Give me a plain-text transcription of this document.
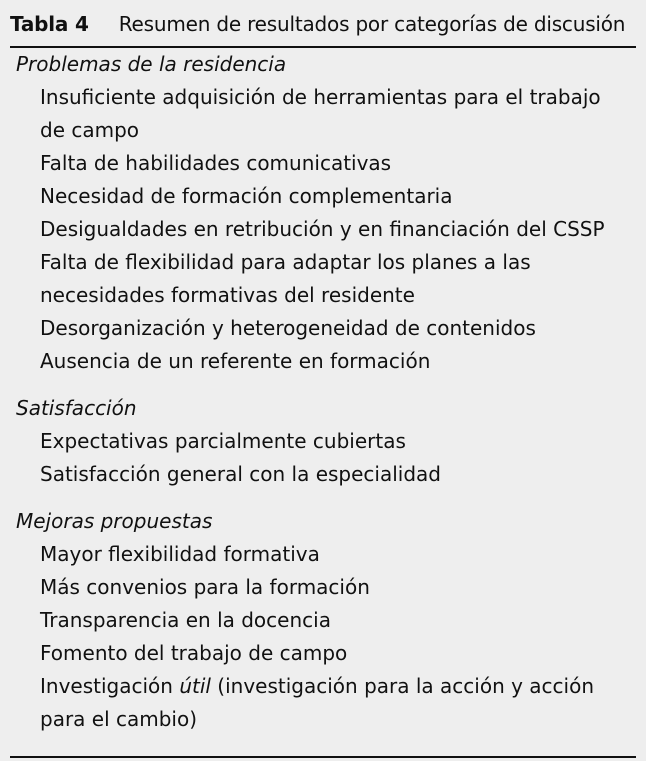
Tabla 4 Resumen de resultados por categorías de discusión

Problemas de la residencia

Insuficiente adquisición de herramientas para el trabajo

de campo

Falta de habilidades comunicativas

Necesidad de formación complementaria

Desigualdades en retribución y en financiación del CSSP

Falta de flexibilidad para adaptar los planes a las

necesidades formativas del residente

Desorganización y heterogeneidad de contenidos

Ausencia de un referente en formación

Satisfacción

Expectativas parcialmente cubiertas

Satisfacción general con la especialidad

Mejoras propuestas

Mayor flexibilidad formativa

Más convenios para la formación

Transparencia en la docencia

Fomento del trabajo de campo

Investigación útil (investigación para la acción y acción

para el cambio)
